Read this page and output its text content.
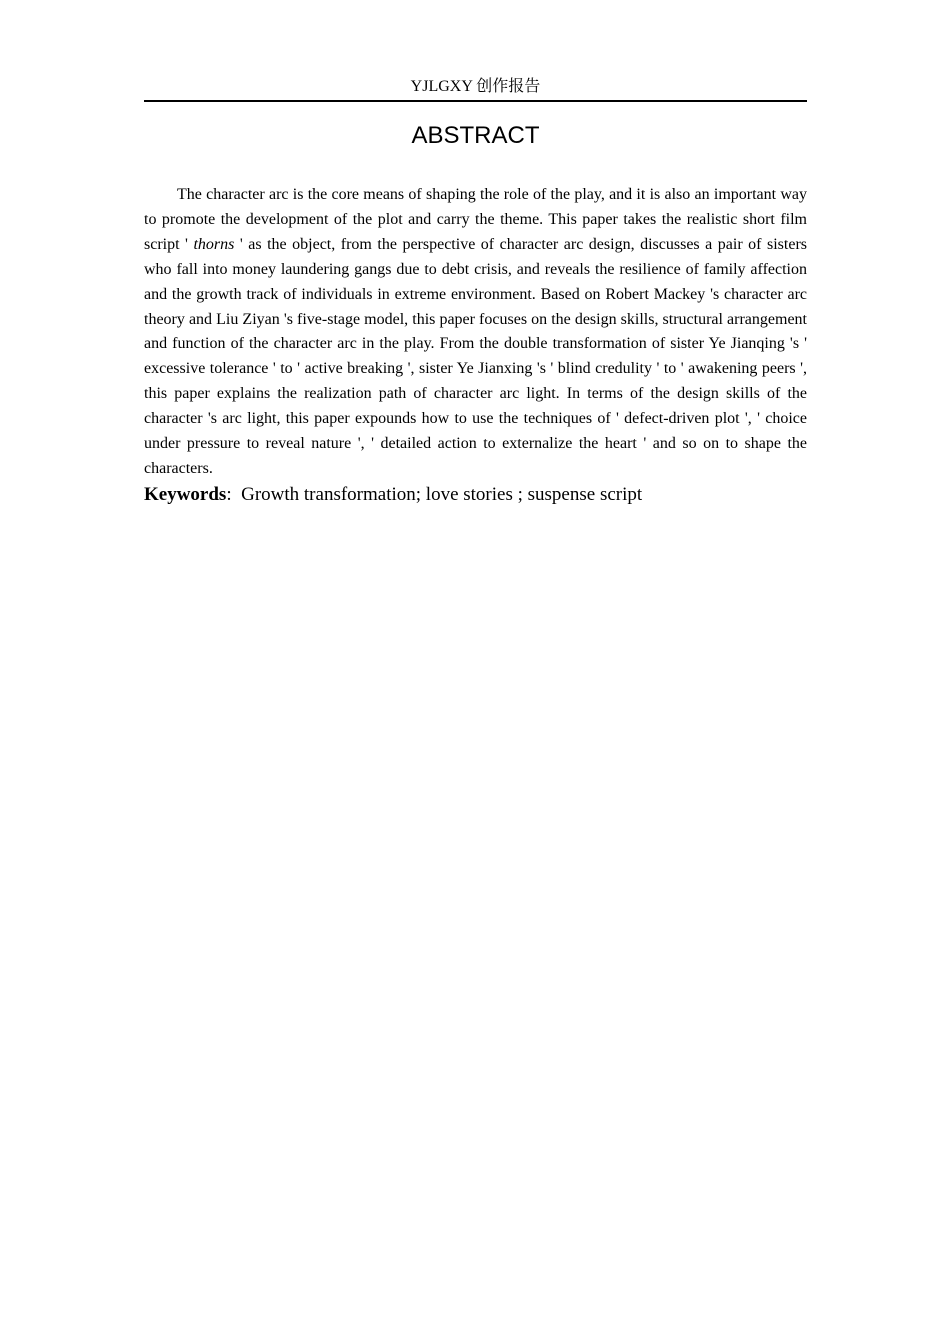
YJLGXY 创作报告
ABSTRACT

The character arc is the core means of shaping the role of the play, and it is also an important way to promote the development of the plot and carry the theme. This paper takes the realistic short film script ' thorns ' as the object, from the perspective of character arc design, discusses a pair of sisters who fall into money laundering gangs due to debt crisis, and reveals the resilience of family affection and the growth track of individuals in extreme environment. Based on Robert Mackey 's character arc theory and Liu Ziyan 's five-stage model, this paper focuses on the design skills, structural arrangement and function of the character arc in the play. From the double transformation of sister Ye Jianqing 's ' excessive tolerance ' to ' active breaking ', sister Ye Jianxing 's ' blind credulity ' to ' awakening peers ', this paper explains the realization path of character arc light. In terms of the design skills of the character 's arc light, this paper expounds how to use the techniques of ' defect-driven plot ', ' choice under pressure to reveal nature ', ' detailed action to externalize the heart ' and so on to shape the characters.

Keywords:  Growth transformation; love stories ; suspense script
